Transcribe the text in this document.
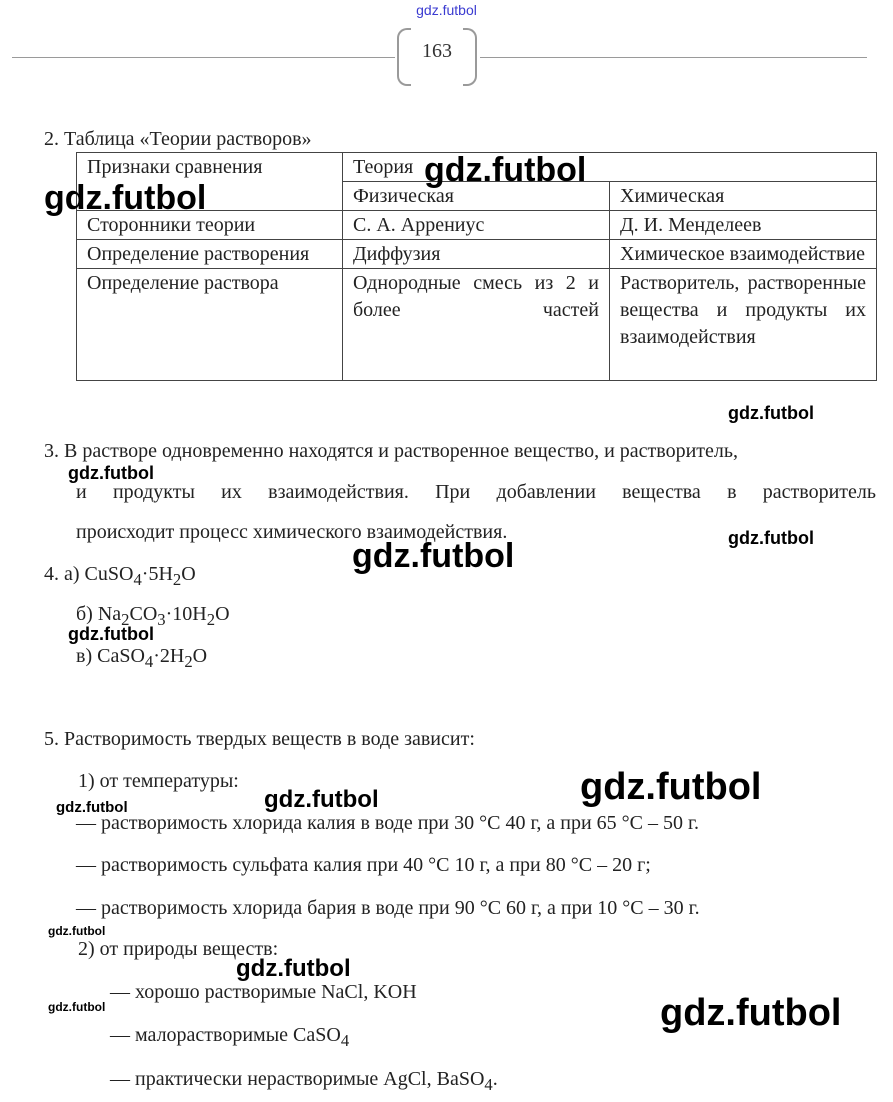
gdz.futbol
163
2. Таблица «Теории растворов»
Признаки сравнения	Теория	
	Физическая	Химическая
Сторонники теории	С. А. Аррениус	Д. И. Менделеев
Определение растворения	Диффузия	Химическое взаимодействие
Определение раствора	Однородные смесь из 2 и более частей	Растворитель, растворенные вещества и продукты их взаимодействия
3. В растворе одновременно находятся и растворенное вещество, и растворитель,
и продукты их взаимодействия. При добавлении вещества в растворитель
происходит процесс химического взаимодействия.
4. а) $CuSO_4\cdot 5H_2O$
б) $Na_2CO_3\cdot 10H_2O$
в) $CaSO_4\cdot 2H_2O$
5. Растворимость твердых веществ в воде зависит:
1) от температуры:
— растворимость хлорида калия в воде при 30 °С 40 г, а при 65 °С – 50 г.
— растворимость сульфата калия при 40 °С 10 г, а при 80 °С – 20 г;
— растворимость хлорида бария в воде при 90 °С 60 г, а при 10 °С – 30 г.
2) от природы веществ:
— хорошо растворимые NaCl, KOH
— малорастворимые CaSO$_4$
— практически нерастворимые AgCl, BaSO$_4$.
gdz.futbol
gdz.futbol
gdz.futbol
gdz.futbol
gdz.futbol
gdz.futbol
gdz.futbol
gdz.futbol
gdz.futbol
gdz.futbol
gdz.futbol
gdz.futbol
gdz.futbol	gdz.futbol
